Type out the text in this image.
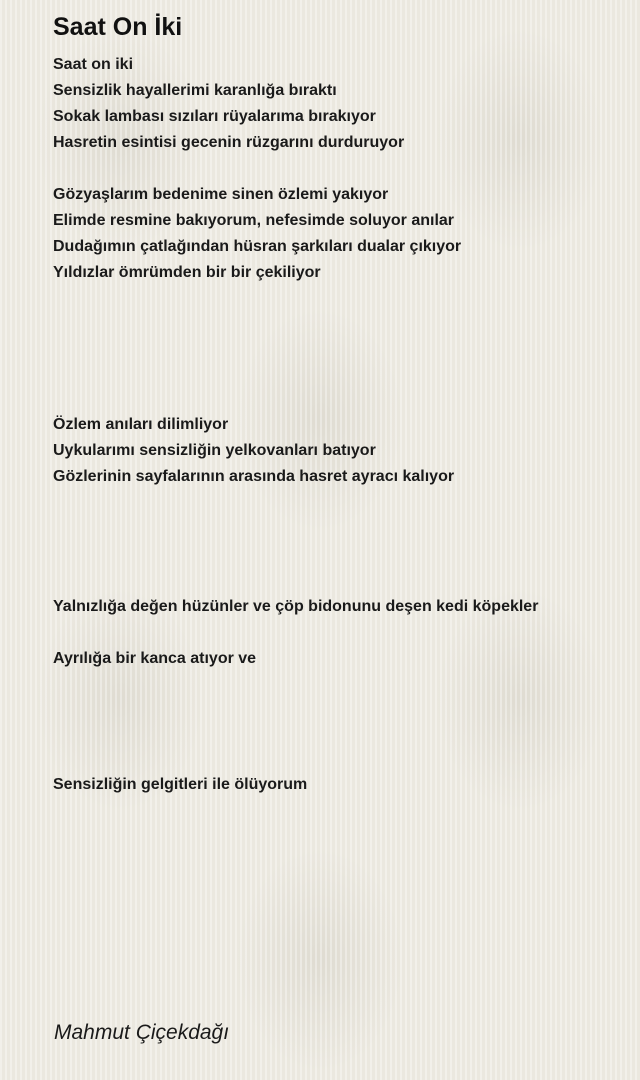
Saat On İki

Saat on iki

Sensizlik hayallerimi karanlığa bıraktı

Sokak lambası sızıları rüyalarıma bırakıyor

Hasretin esintisi gecenin rüzgarını durduruyor

Gözyaşlarım bedenime sinen özlemi yakıyor

Elimde resmine bakıyorum, nefesimde soluyor anılar

Dudağımın çatlağından hüsran şarkıları dualar çıkıyor

Yıldızlar ömrümden bir bir çekiliyor

Özlem anıları dilimliyor

Uykularımı sensizliğin yelkovanları batıyor

Gözlerinin sayfalarının arasında hasret ayracı kalıyor

Yalnızlığa değen hüzünler ve çöp bidonunu deşen kedi köpekler

Ayrılığa bir kanca atıyor ve

Sensizliğin gelgitleri ile ölüyorum

Mahmut Çiçekdağı
